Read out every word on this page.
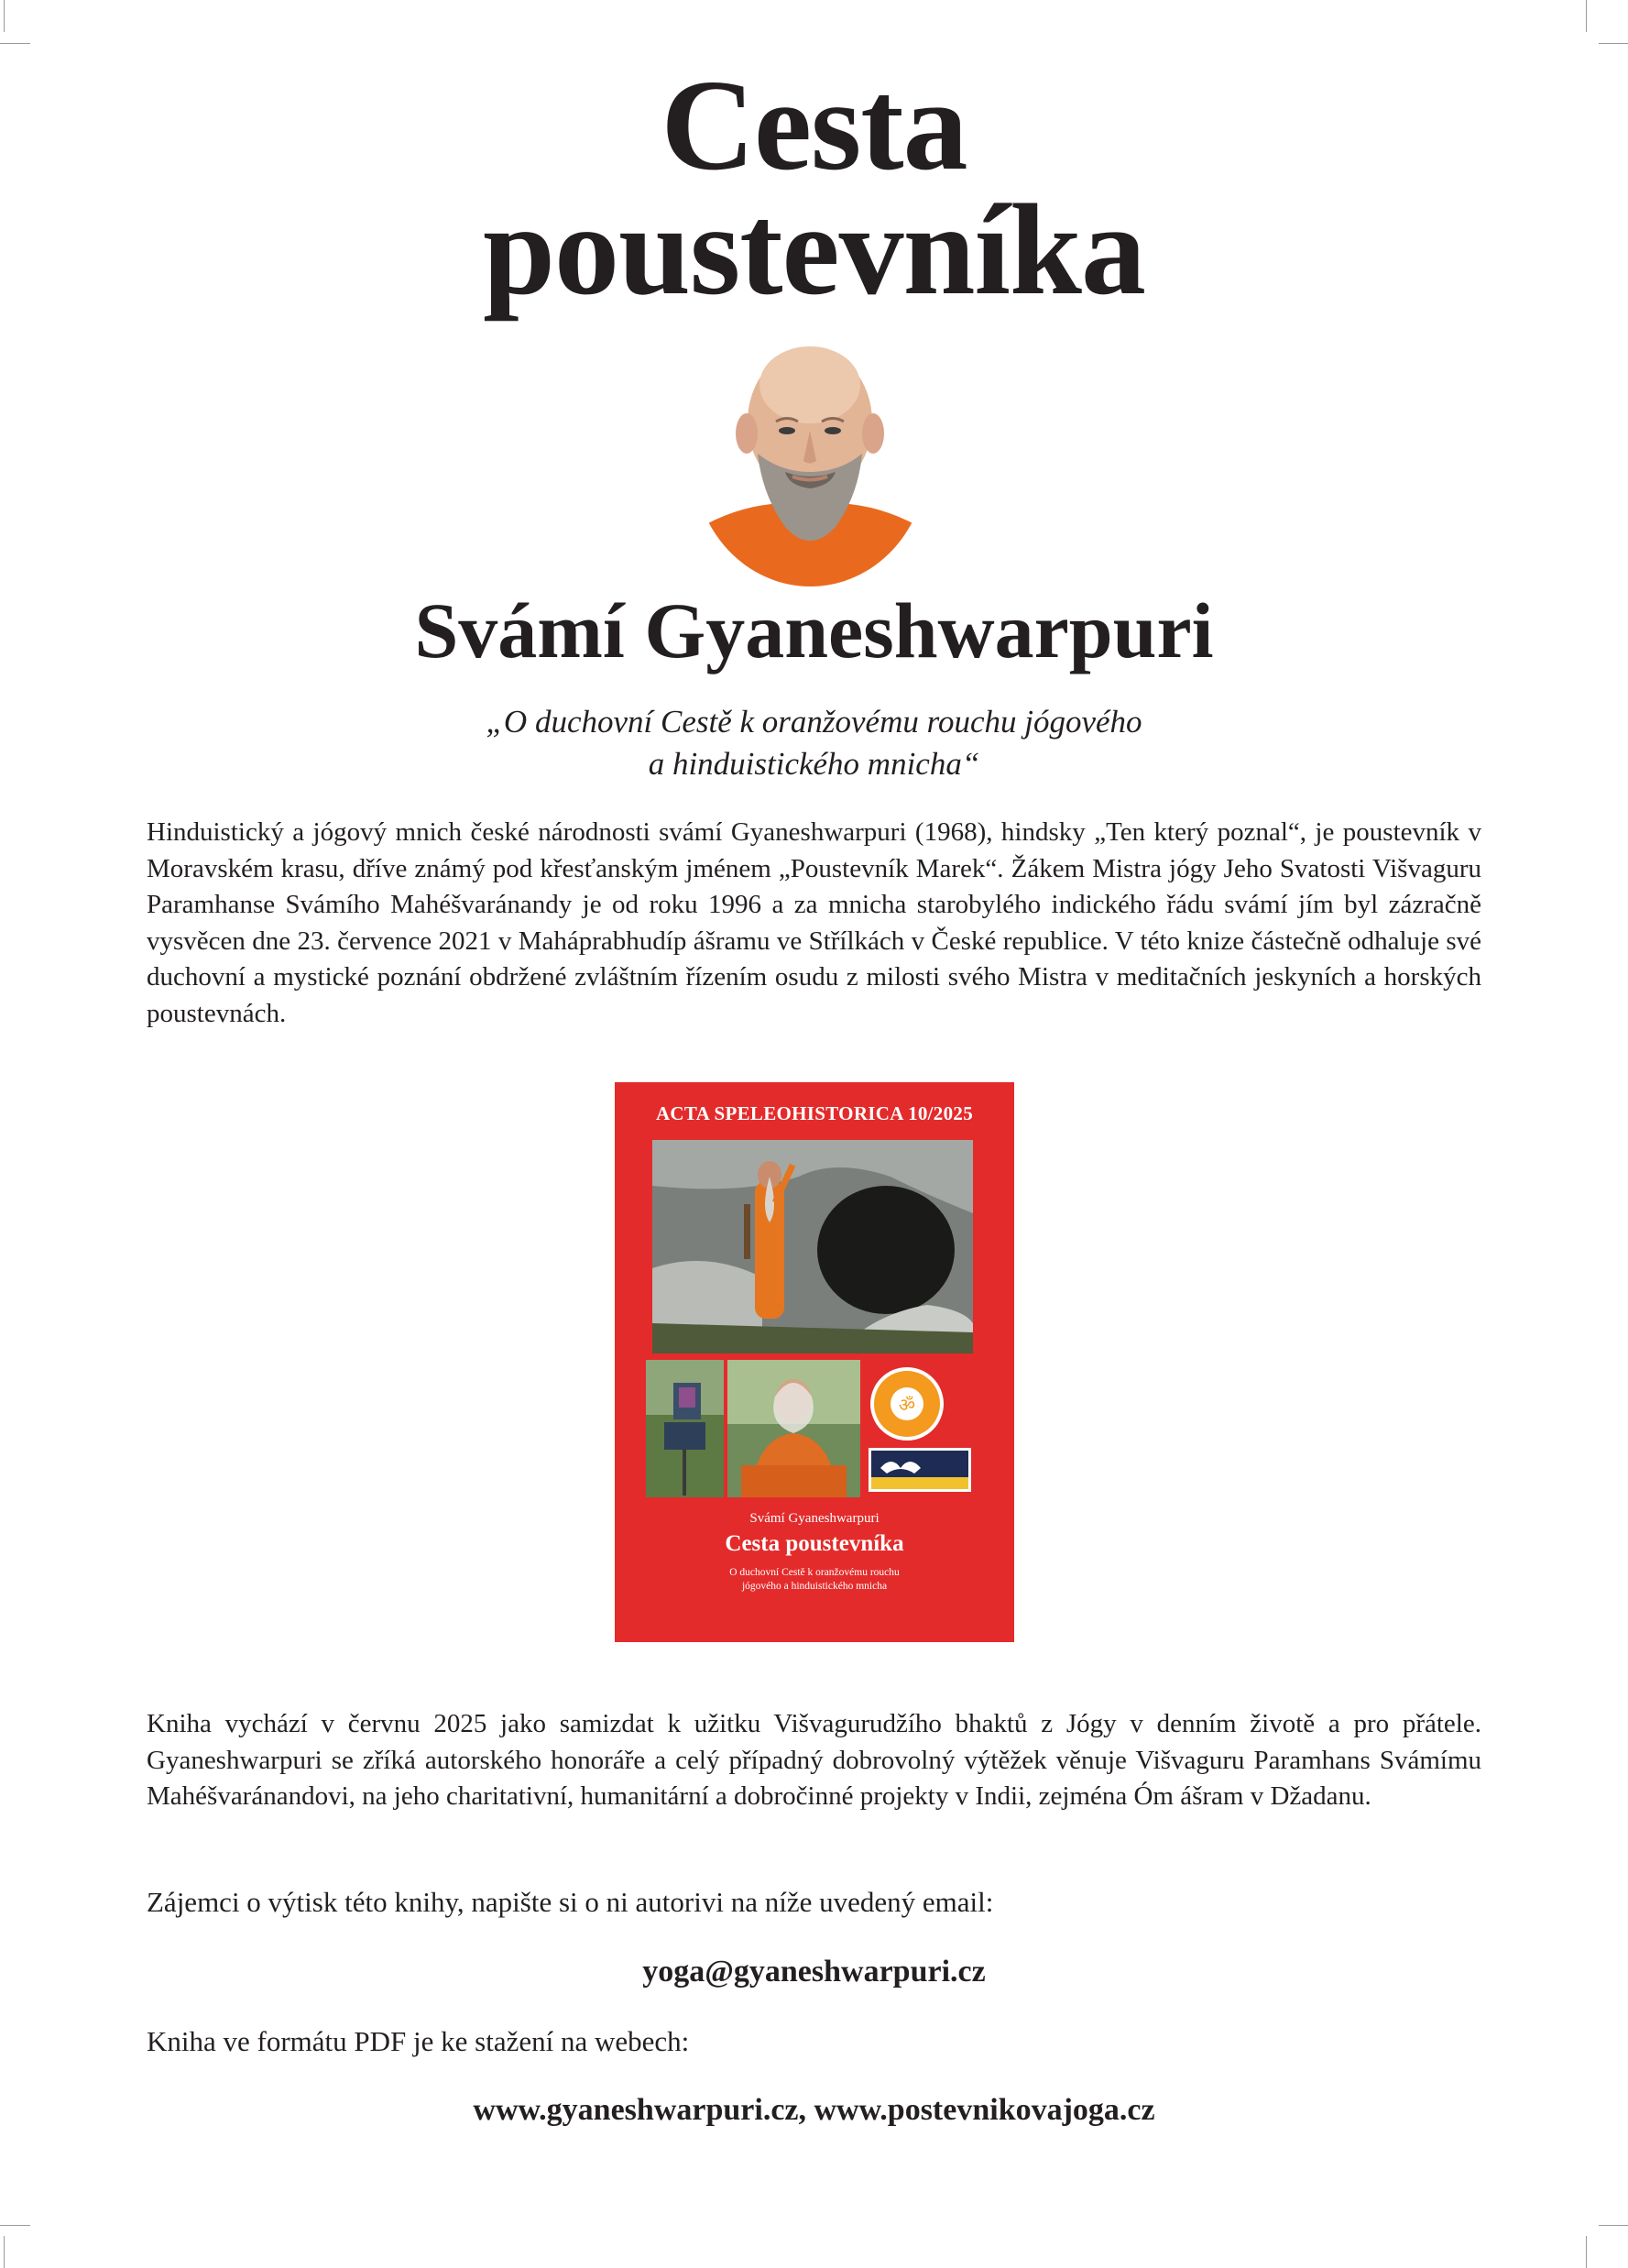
Cesta
poustevníka
Svámí Gyaneshwarpuri
„O duchovní Cestě k oranžovému rouchu jógového
a hinduistického mnicha“
Hinduistický a jógový mnich české národnosti svámí Gyaneshwarpuri (1968), hindsky „Ten který poznal“, je poustevník v Moravském krasu, dříve známý pod křesťanským jménem „Poustevník Marek“. Žákem Mistra jógy Jeho Svatosti Višvaguru Paramhanse Svámího Mahéšvaránandy je od roku 1996 a za mnicha starobylého indického řádu svámí jím byl zázračně vysvěcen dne 23. července 2021 v Maháprabhudíp ášramu ve Střílkách v České republice. V této knize částečně odhaluje své duchovní a mystické poznání obdržené zvláštním řízením osudu z milosti svého Mistra v meditačních jeskyních a horských poustevnách.
ACTA SPELEOHISTORICA 10/2025
ॐ
Svámí Gyaneshwarpuri
Cesta poustevníka
O duchovní Cestě k oranžovému rouchu
jógového a hinduistického mnicha
Kniha vychází v červnu 2025 jako samizdat k užitku Višvagurudžího bhaktů z Jógy v denním životě a pro přátele. Gyaneshwarpuri se zříká autorského honoráře a celý případný dobrovolný výtěžek věnuje Višvaguru Paramhans Svámímu Mahéšvaránandovi, na jeho charitativní, humanitární a dobročinné projekty v Indii, zejména Óm ášram v Džadanu.
Zájemci o výtisk této knihy, napište si o ni autorivi na níže uvedený email:
yoga@gyaneshwarpuri.cz
Kniha ve formátu PDF je ke stažení na webech:
www.gyaneshwarpuri.cz, www.postevnikovajoga.cz
